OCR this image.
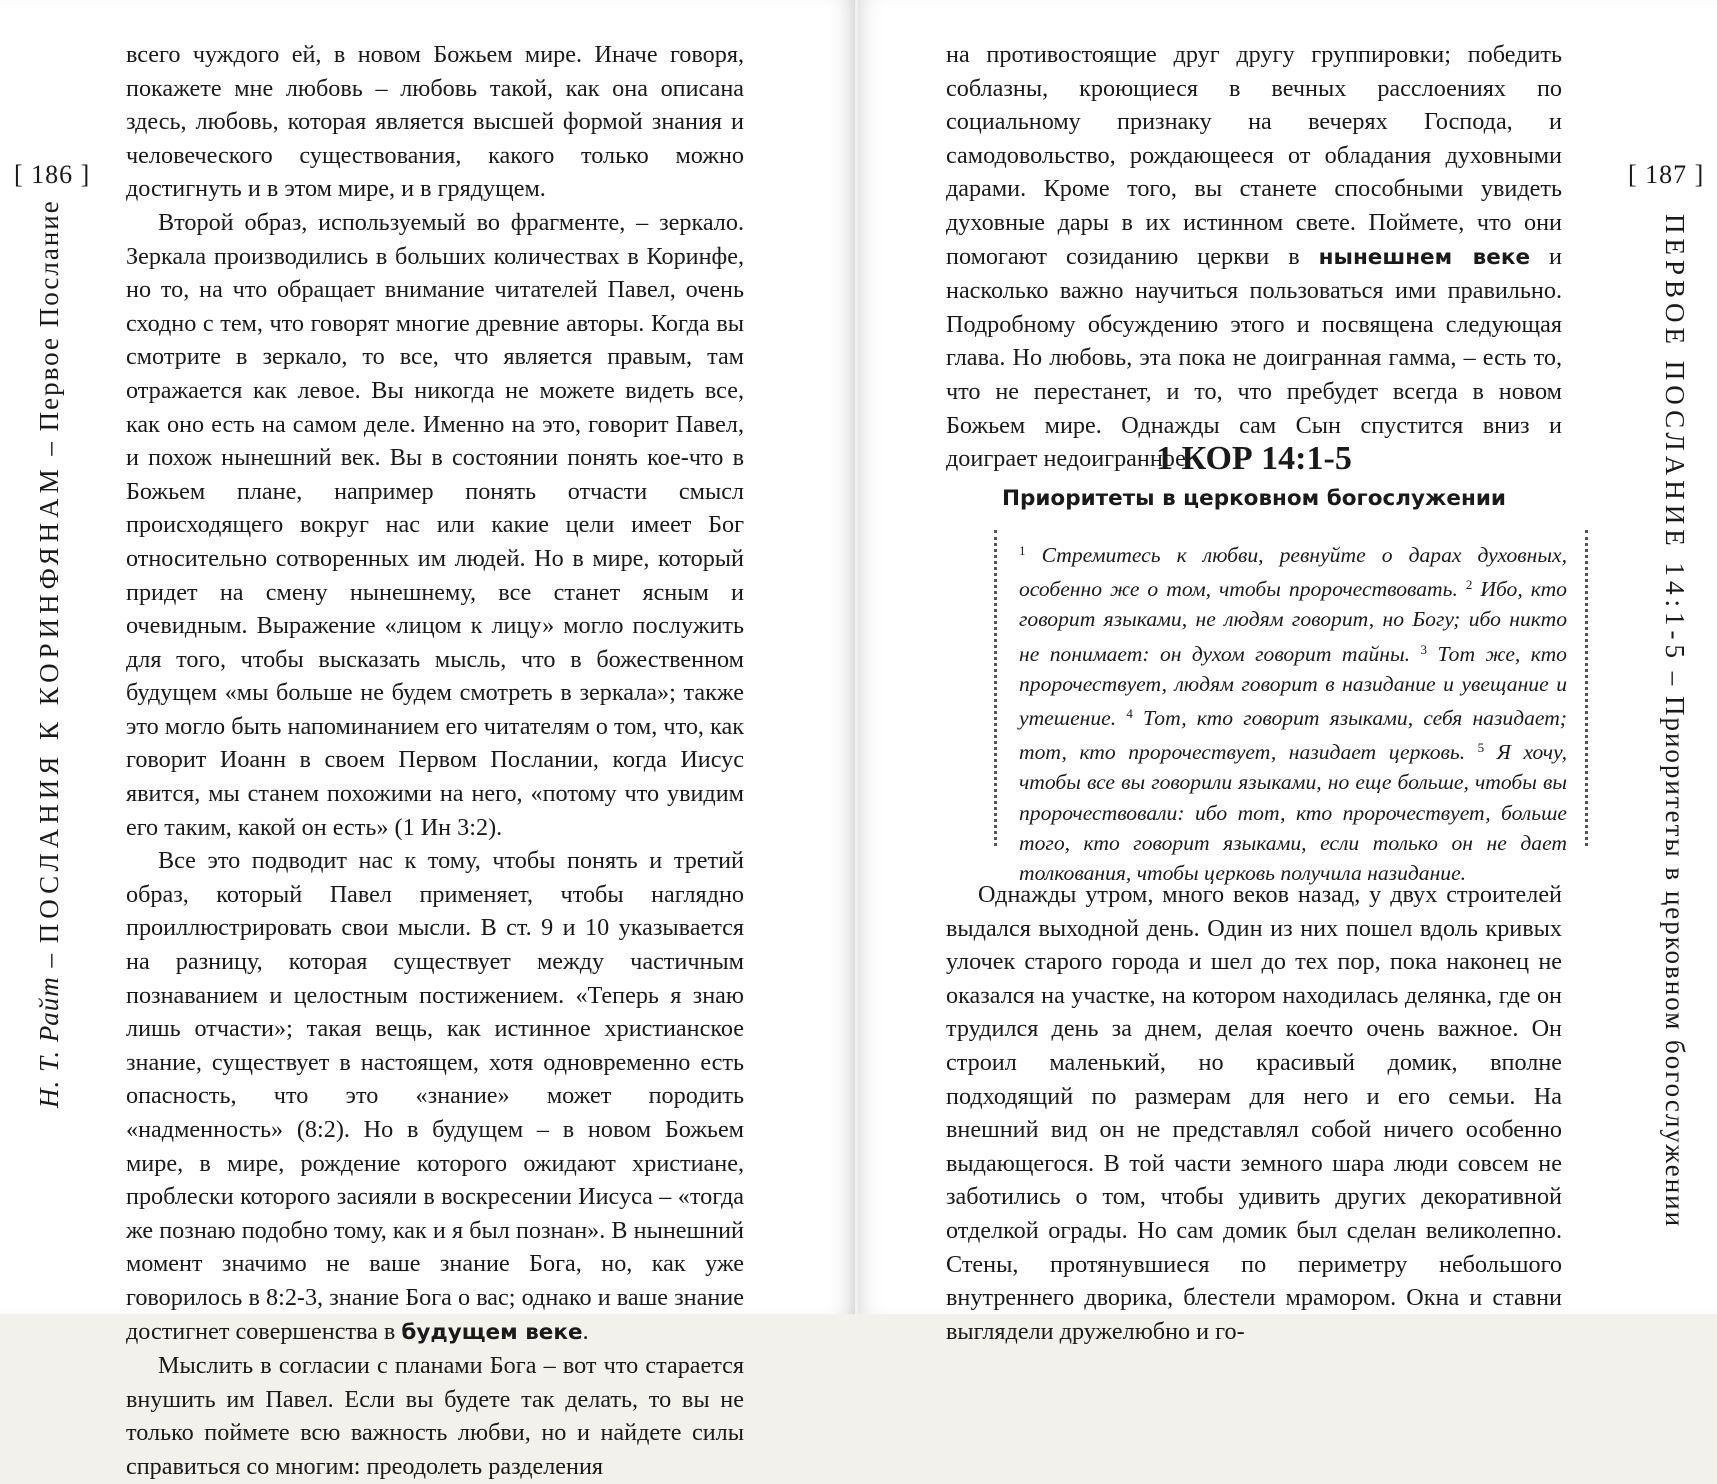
[ 186 ]
Н. Т. Райт – ПОСЛАНИЯ К КОРИНФЯНАМ – Первое Послание

всего чуждого ей, в новом Божьем мире. Иначе говоря, покажете мне любовь – любовь такой, как она описана здесь, любовь, которая является высшей формой знания и человеческого существования, какого только можно достигнуть и в этом мире, и в грядущем.

Второй образ, используемый во фрагменте, – зеркало. Зеркала производились в больших количествах в Коринфе, но то, на что обращает внимание читателей Павел, очень сходно с тем, что говорят многие древние авторы. Когда вы смотрите в зеркало, то все, что является правым, там отражается как левое. Вы никогда не можете видеть все, как оно есть на самом деле. Именно на это, говорит Павел, и похож нынешний век. Вы в состоянии понять кое-что в Божьем плане, например понять отчасти смысл происходящего вокруг нас или какие цели имеет Бог относительно сотворенных им людей. Но в мире, который придет на смену нынешнему, все станет ясным и очевидным. Выражение «лицом к лицу» могло послужить для того, чтобы высказать мысль, что в божественном будущем «мы больше не будем смотреть в зеркала»; также это могло быть напоминанием его читателям о том, что, как говорит Иоанн в своем Первом Послании, когда Иисус явится, мы станем похожими на него, «потому что увидим его таким, какой он есть» (1 Ин 3:2).

Все это подводит нас к тому, чтобы понять и третий образ, который Павел применяет, чтобы наглядно проиллюстрировать свои мысли. В ст. 9 и 10 указывается на разницу, которая существует между частичным познаванием и целостным постижением. «Теперь я знаю лишь отчасти»; такая вещь, как истинное христианское знание, существует в настоящем, хотя одновременно есть опасность, что это «знание» может породить «надменность» (8:2). Но в будущем – в новом Божьем мире, в мире, рождение которого ожидают христиане, проблески которого засияли в воскресении Иисуса – «тогда же познаю подобно тому, как и я был познан». В нынешний момент значимо не ваше знание Бога, но, как уже говорилось в 8:2-3, знание Бога о вас; однако и ваше знание достигнет совершенства в будущем веке.

Мыслить в согласии с планами Бога – вот что старается внушить им Павел. Если вы будете так делать, то вы не только поймете всю важность любви, но и найдете силы справиться со многим: преодолеть разделения

на противостоящие друг другу группировки; победить соблазны, кроющиеся в вечных расслоениях по социальному признаку на вечерях Господа, и самодовольство, рождающееся от обладания духовными дарами. Кроме того, вы станете способными увидеть духовные дары в их истинном свете. Поймете, что они помогают созиданию церкви в нынешнем веке и насколько важно научиться пользоваться ими правильно. Подробному обсуждению этого и посвящена следующая глава. Но любовь, эта пока не доигранная гамма, – есть то, что не перестанет, и то, что пребудет всегда в новом Божьем мире. Однажды сам Сын спустится вниз и доиграет недоигранное.

1 КОР 14:1-5
Приоритеты в церковном богослужении
$^1$ Стремитесь к любви, ревнуйте о дарах духовных, особенно же о том, чтобы пророчествовать. $^2$ Ибо, кто говорит языками, не людям говорит, но Богу; ибо никто не понимает: он духом говорит тайны. $^3$ Тот же, кто пророчествует, людям говорит в назидание и увещание и утешение. $^4$ Тот, кто говорит языками, себя назидает; тот, кто пророчествует, назидает церковь. $^5$ Я хочу, чтобы все вы говорили языками, но еще больше, чтобы вы пророчествовали: ибо тот, кто пророчествует, больше того, кто говорит языками, если только он не дает толкования, чтобы церковь получила назидание.

Однажды утром, много веков назад, у двух строителей выдался выходной день. Один из них пошел вдоль кривых улочек старого города и шел до тех пор, пока наконец не оказался на участке, на котором находилась делянка, где он трудился день за днем, делая коечто очень важное. Он строил маленький, но красивый домик, вполне подходящий по размерам для него и его семьи. На внешний вид он не представлял собой ничего особенно выдающегося. В той части земного шара люди совсем не заботились о том, чтобы удивить других декоративной отделкой ограды. Но сам домик был сделан великолепно. Стены, протянувшиеся по периметру небольшого внутреннего дворика, блестели мрамором. Окна и ставни выглядели дружелюбно и го-

[ 187 ]
ПЕРВОЕ ПОСЛАНИЕ 14:1-5 – Приоритеты в церковном богослужении
